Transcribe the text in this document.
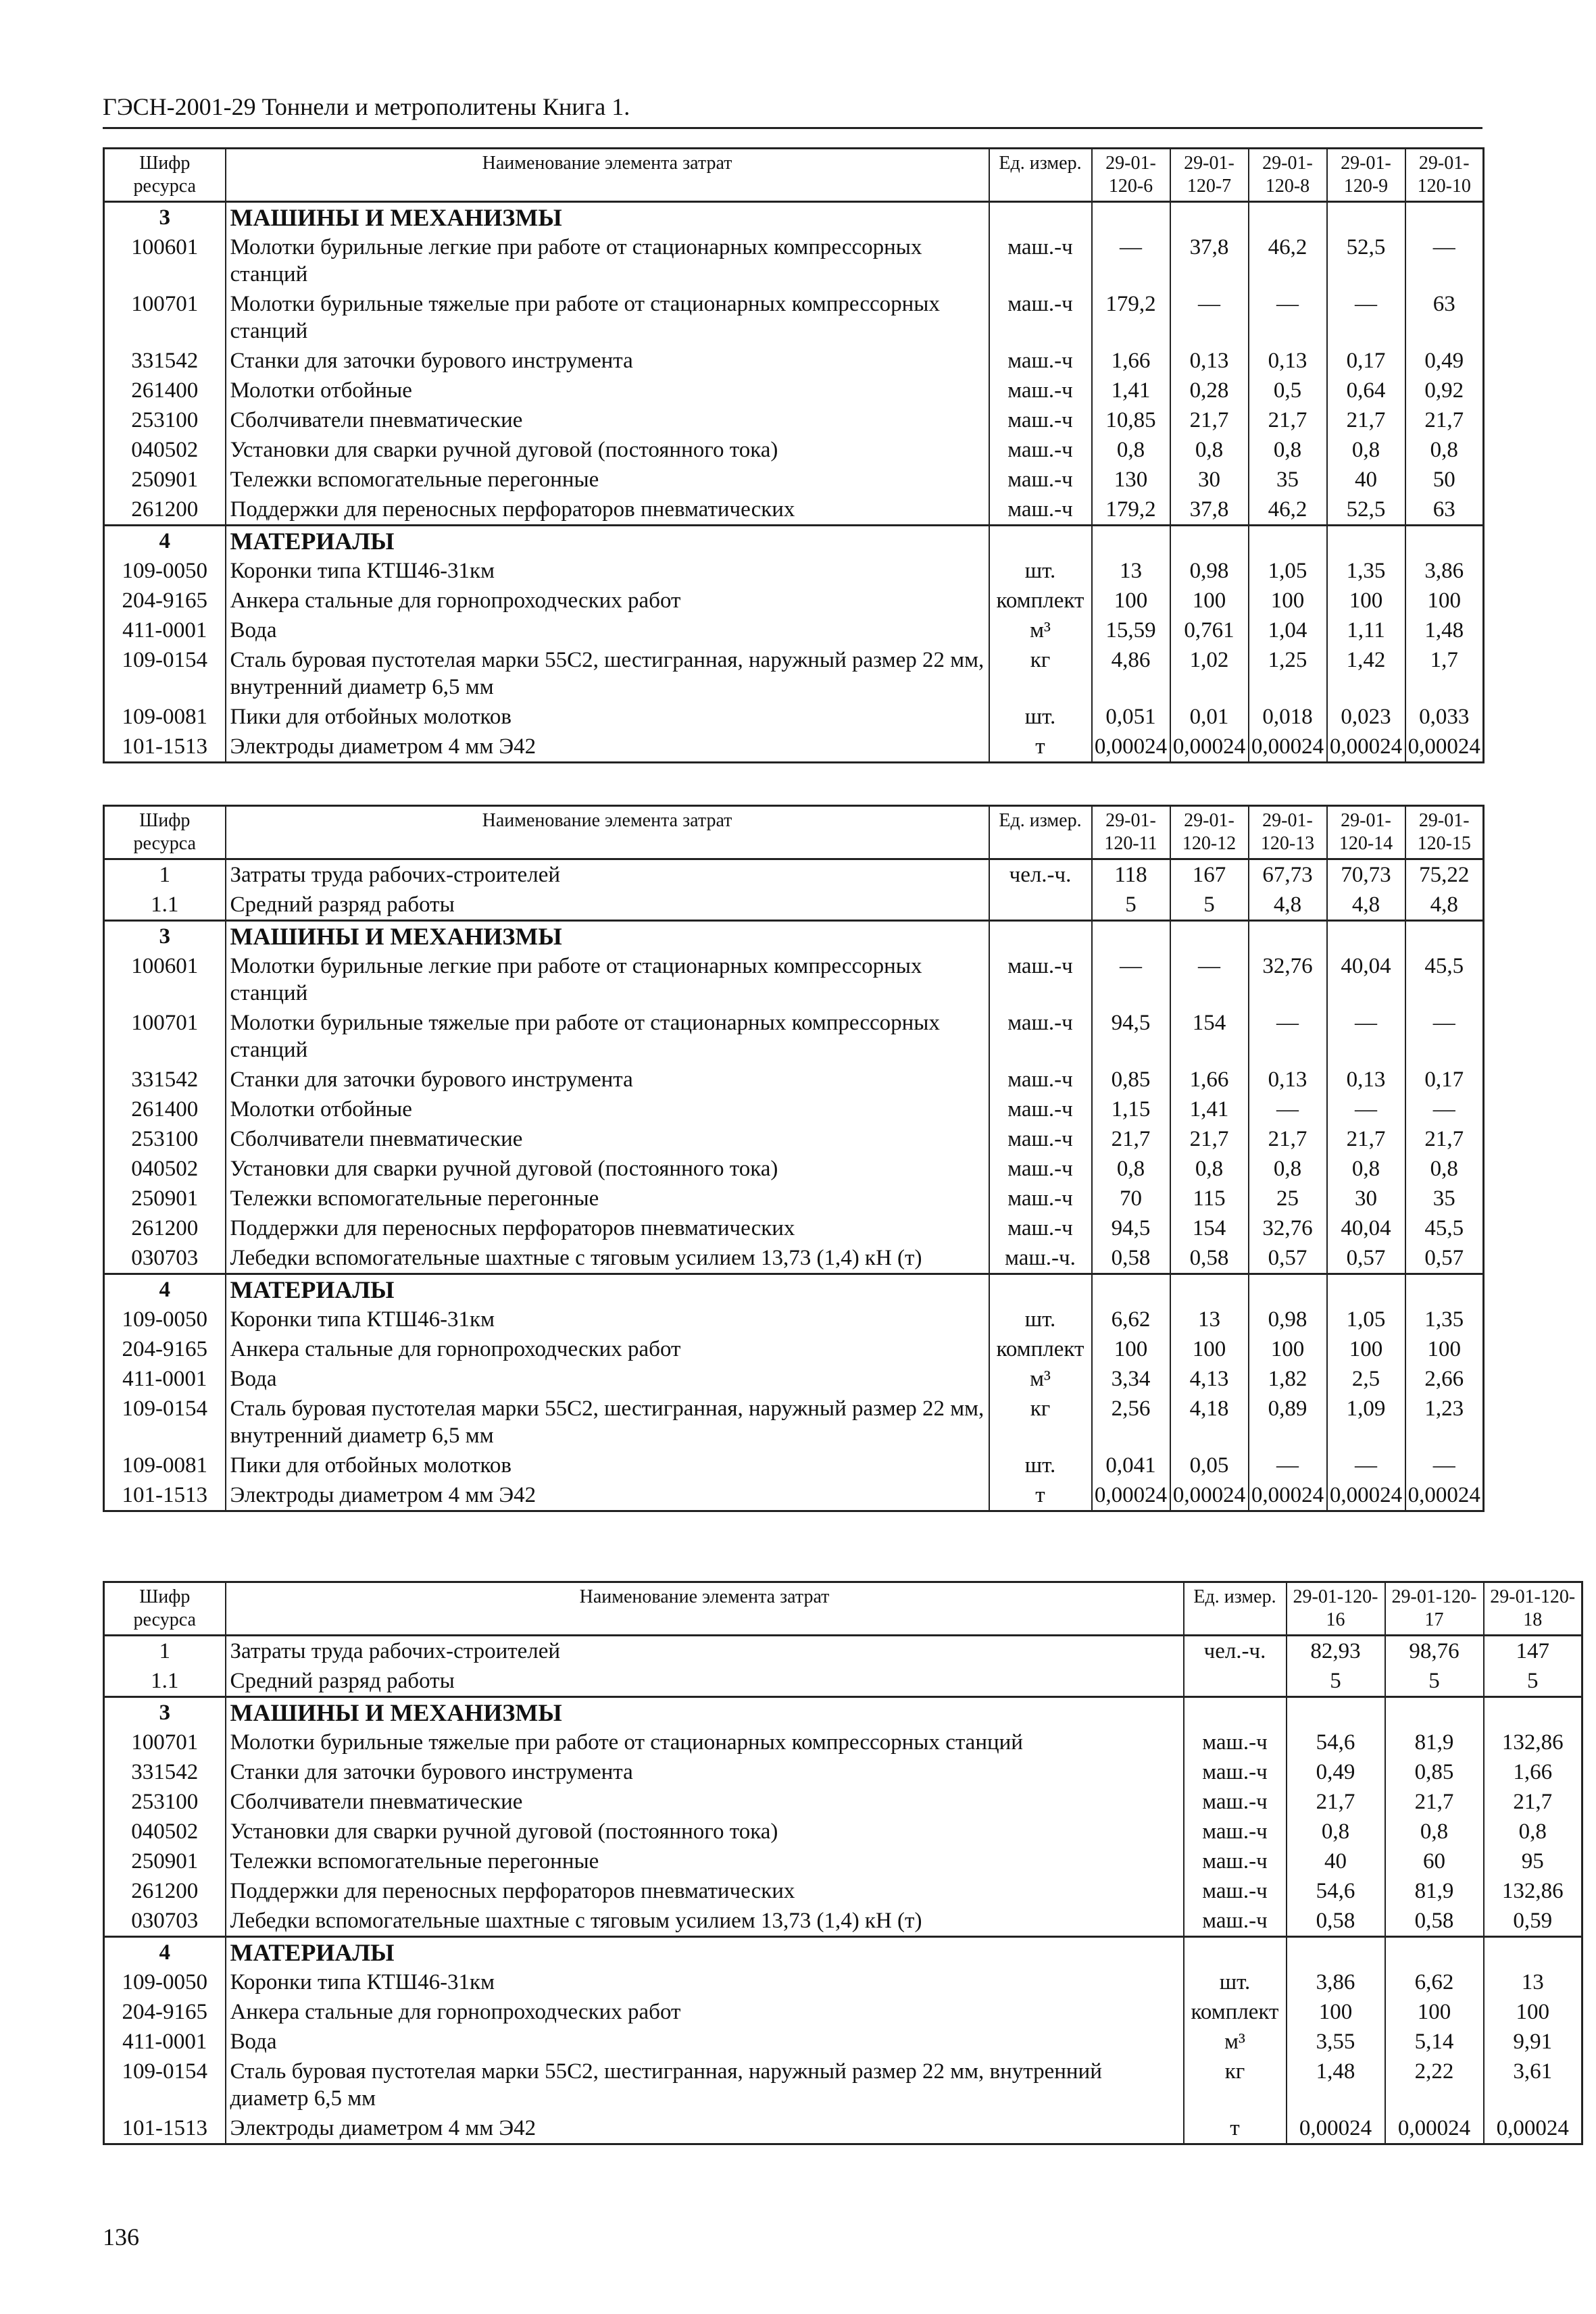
ГЭСН-2001-29 Тоннели и метрополитены Книга 1.
Шифр ресурса	Наименование элемента затрат	Ед. измер.	29-01-120-6	29-01-120-7	29-01-120-8	29-01-120-9	29-01-120-10
3	МАШИНЫ И МЕХАНИЗМЫ						
100601	Молотки бурильные легкие при работе от стационарных компрессорных станций	маш.-ч	—	37,8	46,2	52,5	—
100701	Молотки бурильные тяжелые при работе от стационарных компрессорных станций	маш.-ч	179,2	—	—	—	63
331542	Станки для заточки бурового инструмента	маш.-ч	1,66	0,13	0,13	0,17	0,49
261400	Молотки отбойные	маш.-ч	1,41	0,28	0,5	0,64	0,92
253100	Сболчиватели пневматические	маш.-ч	10,85	21,7	21,7	21,7	21,7
040502	Установки для сварки ручной дуговой (постоянного тока)	маш.-ч	0,8	0,8	0,8	0,8	0,8
250901	Тележки вспомогательные перегонные	маш.-ч	130	30	35	40	50
261200	Поддержки для переносных перфораторов пневматических	маш.-ч	179,2	37,8	46,2	52,5	63
4	МАТЕРИАЛЫ						
109-0050	Коронки типа КТШ46-31км	шт.	13	0,98	1,05	1,35	3,86
204-9165	Анкера стальные для горнопроходческих работ	комплект	100	100	100	100	100
411-0001	Вода	м³	15,59	0,761	1,04	1,11	1,48
109-0154	Сталь буровая пустотелая марки 55С2, шестигранная, наружный размер 22 мм, внутренний диаметр 6,5 мм	кг	4,86	1,02	1,25	1,42	1,7
109-0081	Пики для отбойных молотков	шт.	0,051	0,01	0,018	0,023	0,033
101-1513	Электроды диаметром 4 мм Э42	т	0,00024	0,00024	0,00024	0,00024	0,00024
Шифр ресурса	Наименование элемента затрат	Ед. измер.	29-01-120-11	29-01-120-12	29-01-120-13	29-01-120-14	29-01-120-15
1	Затраты труда рабочих-строителей	чел.-ч.	118	167	67,73	70,73	75,22
1.1	Средний разряд работы		5	5	4,8	4,8	4,8
3	МАШИНЫ И МЕХАНИЗМЫ						
100601	Молотки бурильные легкие при работе от стационарных компрессорных станций	маш.-ч	—	—	32,76	40,04	45,5
100701	Молотки бурильные тяжелые при работе от стационарных компрессорных станций	маш.-ч	94,5	154	—	—	—
331542	Станки для заточки бурового инструмента	маш.-ч	0,85	1,66	0,13	0,13	0,17
261400	Молотки отбойные	маш.-ч	1,15	1,41	—	—	—
253100	Сболчиватели пневматические	маш.-ч	21,7	21,7	21,7	21,7	21,7
040502	Установки для сварки ручной дуговой (постоянного тока)	маш.-ч	0,8	0,8	0,8	0,8	0,8
250901	Тележки вспомогательные перегонные	маш.-ч	70	115	25	30	35
261200	Поддержки для переносных перфораторов пневматических	маш.-ч	94,5	154	32,76	40,04	45,5
030703	Лебедки вспомогательные шахтные с тяговым усилием 13,73 (1,4) кН (т)	маш.-ч.	0,58	0,58	0,57	0,57	0,57
4	МАТЕРИАЛЫ						
109-0050	Коронки типа КТШ46-31км	шт.	6,62	13	0,98	1,05	1,35
204-9165	Анкера стальные для горнопроходческих работ	комплект	100	100	100	100	100
411-0001	Вода	м³	3,34	4,13	1,82	2,5	2,66
109-0154	Сталь буровая пустотелая марки 55С2, шестигранная, наружный размер 22 мм, внутренний диаметр 6,5 мм	кг	2,56	4,18	0,89	1,09	1,23
109-0081	Пики для отбойных молотков	шт.	0,041	0,05	—	—	—
101-1513	Электроды диаметром 4 мм Э42	т	0,00024	0,00024	0,00024	0,00024	0,00024
Шифр ресурса	Наименование элемента затрат	Ед. измер.	29-01-120-16	29-01-120-17	29-01-120-18
1	Затраты труда рабочих-строителей	чел.-ч.	82,93	98,76	147
1.1	Средний разряд работы		5	5	5
3	МАШИНЫ И МЕХАНИЗМЫ				
100701	Молотки бурильные тяжелые при работе от стационарных компрессорных станций	маш.-ч	54,6	81,9	132,86
331542	Станки для заточки бурового инструмента	маш.-ч	0,49	0,85	1,66
253100	Сболчиватели пневматические	маш.-ч	21,7	21,7	21,7
040502	Установки для сварки ручной дуговой (постоянного тока)	маш.-ч	0,8	0,8	0,8
250901	Тележки вспомогательные перегонные	маш.-ч	40	60	95
261200	Поддержки для переносных перфораторов пневматических	маш.-ч	54,6	81,9	132,86
030703	Лебедки вспомогательные шахтные с тяговым усилием 13,73 (1,4) кН (т)	маш.-ч	0,58	0,58	0,59
4	МАТЕРИАЛЫ				
109-0050	Коронки типа КТШ46-31км	шт.	3,86	6,62	13
204-9165	Анкера стальные для горнопроходческих работ	комплект	100	100	100
411-0001	Вода	м³	3,55	5,14	9,91
109-0154	Сталь буровая пустотелая марки 55С2, шестигранная, наружный размер 22 мм, внутренний диаметр 6,5 мм	кг	1,48	2,22	3,61
101-1513	Электроды диаметром 4 мм Э42	т	0,00024	0,00024	0,00024
136
